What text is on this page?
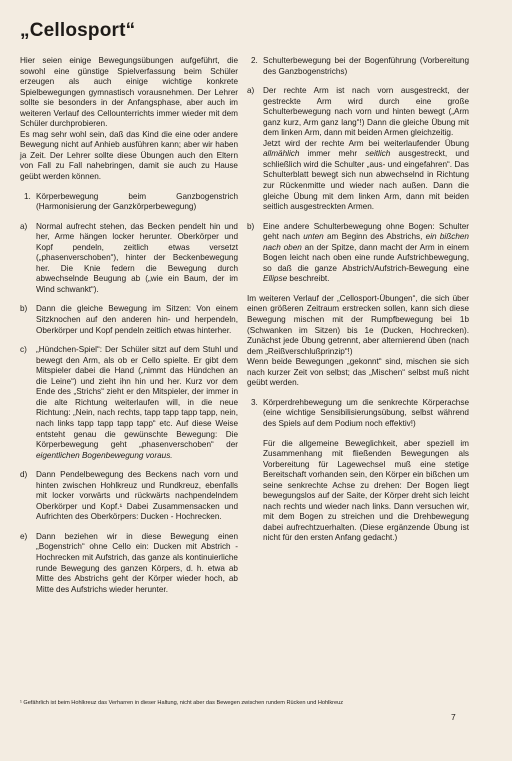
„Cellosport“

Hier seien einige Bewegungsübungen aufgeführt, die sowohl eine günstige Spielverfassung beim Schüler erzeugen als auch einige wichtige konkrete Spielbewegungen gymnastisch vorausnehmen. Der Lehrer sollte sie besonders in der Anfangsphase, aber auch im weiteren Verlauf des Cellounterrichts immer wieder mit dem Schüler durchprobieren.

Es mag sehr wohl sein, daß das Kind die eine oder andere Bewegung nicht auf Anhieb ausführen kann; aber wir haben ja Zeit. Der Lehrer sollte diese Übungen auch den Eltern von Fall zu Fall nahebringen, damit sie auch zu Hause geübt werden können.

1. Körperbewegung beim Ganzbogenstrich (Harmonisierung der Ganzkörperbewegung)
a)	Normal aufrecht stehen, das Becken pendelt hin und her, Arme hängen locker herunter. Oberkörper und Kopf pendeln, zeitlich etwas versetzt („phasenverschoben“), hinter der Beckenbewegung her. Die Knie federn die Bewegung durch abwechselnde Beugung ab („wie ein Baum, der im Wind schwankt“).
b)	Dann die gleiche Bewegung im Sitzen: Von einem Sitzknochen auf den anderen hin- und herpendeln, Oberkörper und Kopf pendeln zeitlich etwas hinterher.
c)	„Hündchen-Spiel“: Der Schüler sitzt auf dem Stuhl und bewegt den Arm, als ob er Cello spielte. Er gibt dem Mitspieler dabei die Hand („nimmt das Hündchen an die Leine“) und zieht ihn hin und her. Kurz vor dem Ende des „Strichs“ zieht er den Mitspieler, der immer in die alte Richtung weiterlaufen will, in die neue Richtung: „Nein, nach rechts, tapp tapp tapp tapp, nein, nach links tapp tapp tapp tapp“ etc. Auf diese Weise entsteht genau die gewünschte Bewegung: Die Körperbewegung geht „phasenverschoben“ der eigentlichen Bogenbewegung voraus.
d)	Dann Pendelbewegung des Beckens nach vorn und hinten zwischen Hohlkreuz und Rundkreuz, ebenfalls mit locker vorwärts und rückwärts nachpendelndem Oberkörper und Kopf.¹ Dabei Zusammensacken und Aufrichten des Oberkörpers: Ducken - Hochrecken.
e)	Dann beziehen wir in diese Bewegung einen „Bogenstrich“ ohne Cello ein: Ducken mit Abstrich - Hochrecken mit Aufstrich, das ganze als kontinuierliche runde Bewegung des ganzen Körpers, d. h. etwa ab Mitte des Abstrichs geht der Körper wieder hoch, ab Mitte des Aufstrichs wieder herunter.
2. Schulterbewegung bei der Bogenführung (Vorbereitung des Ganzbogenstrichs)
a)	Der rechte Arm ist nach vorn ausgestreckt, der gestreckte Arm wird durch eine große Schulterbewegung nach vorn und hinten bewegt („Arm ganz kurz, Arm ganz lang“!) Dann die gleiche Übung mit dem linken Arm, dann mit beiden Armen gleichzeitig.
Jetzt wird der rechte Arm bei weiterlaufender Übung allmählich immer mehr seitlich ausgestreckt, und schließlich wird die Schulter „aus- und eingefahren“. Das Schulterblatt bewegt sich nun abwechselnd in Richtung zur Rückenmitte und wieder nach außen. Dann die gleiche Übung mit dem linken Arm, dann mit beiden seitlich ausgestreckten Armen.
b)	Eine andere Schulterbewegung ohne Bogen: Schulter geht nach unten am Beginn des Abstrichs, ein bißchen nach oben an der Spitze, dann macht der Arm in einem Bogen leicht nach oben eine runde Aufstrichbewegung, so daß die ganze Abstrich/Aufstrich-Bewegung eine Ellipse beschreibt.

Im weiteren Verlauf der „Cellosport-Übungen“, die sich über einen größeren Zeitraum erstrecken sollen, kann sich diese Bewegung mischen mit der Rumpfbewegung bei 1b (Schwanken im Sitzen) bis 1e (Ducken, Hochrecken). Zunächst jede Übung getrennt, aber alternierend üben (nach dem „Reißverschlußprinzip“!)

Wenn beide Bewegungen „gekonnt“ sind, mischen sie sich nach kurzer Zeit von selbst; das „Mischen“ selbst muß nicht geübt werden.

3. Körperdrehbewegung um die senkrechte Körperachse (eine wichtige Sensibilisierungsübung, selbst während des Spiels auf dem Podium noch effektiv!)
Für die allgemeine Beweglichkeit, aber speziell im Zusammenhang mit fließenden Bewegungen als Vorbereitung für Lagewechsel muß eine stetige Bereitschaft vorhanden sein, den Körper ein bißchen um seine senkrechte Achse zu drehen: Der Bogen liegt bewegungslos auf der Saite, der Körper dreht sich leicht nach rechts und wieder nach links. Dann versuchen wir, mit dem Bogen zu streichen und die Drehbewegung dabei aufrechtzuerhalten. (Diese ergänzende Übung ist nicht für den ersten Anfang gedacht.)
¹ Gefährlich ist beim Hohlkreuz das Verharren in dieser Haltung, nicht aber das Bewegen zwischen rundem Rücken und Hohlkreuz
7
